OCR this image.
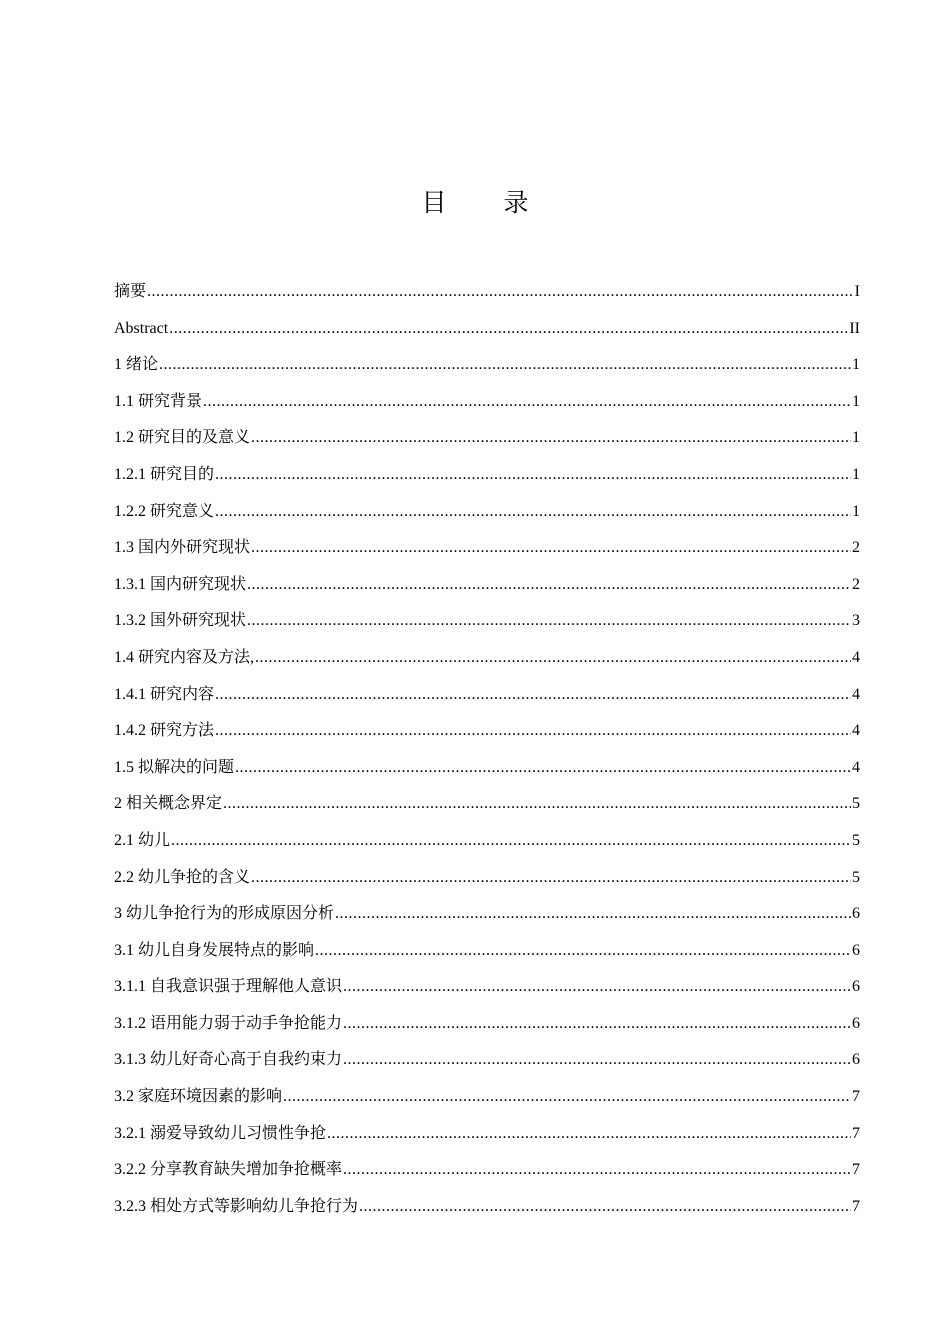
目　录
摘要 .....	I
Abstract .....	II
1 绪论 .....	1
1.1 研究背景 .....	1
1.2 研究目的及意义 .....	1
1.2.1 研究目的 .....	1
1.2.2 研究意义 .....	1
1.3 国内外研究现状 .....	2
1.3.1 国内研究现状 .....	2
1.3.2 国外研究现状 .....	3
1.4 研究内容及方法, .....	4
1.4.1 研究内容 .....	4
1.4.2 研究方法 .....	4
1.5 拟解决的问题 .....	4
2 相关概念界定 .....	5
2.1 幼儿 .....	5
2.2 幼儿争抢的含义 .....	5
3 幼儿争抢行为的形成原因分析 .....	6
3.1 幼儿自身发展特点的影响 .....	6
3.1.1 自我意识强于理解他人意识 .....	6
3.1.2 语用能力弱于动手争抢能力 .....	6
3.1.3 幼儿好奇心高于自我约束力 .....	6
3.2 家庭环境因素的影响 .....	7
3.2.1 溺爱导致幼儿习惯性争抢 .....	7
3.2.2 分享教育缺失增加争抢概率 .....	7
3.2.3 相处方式等影响幼儿争抢行为 .....	7
